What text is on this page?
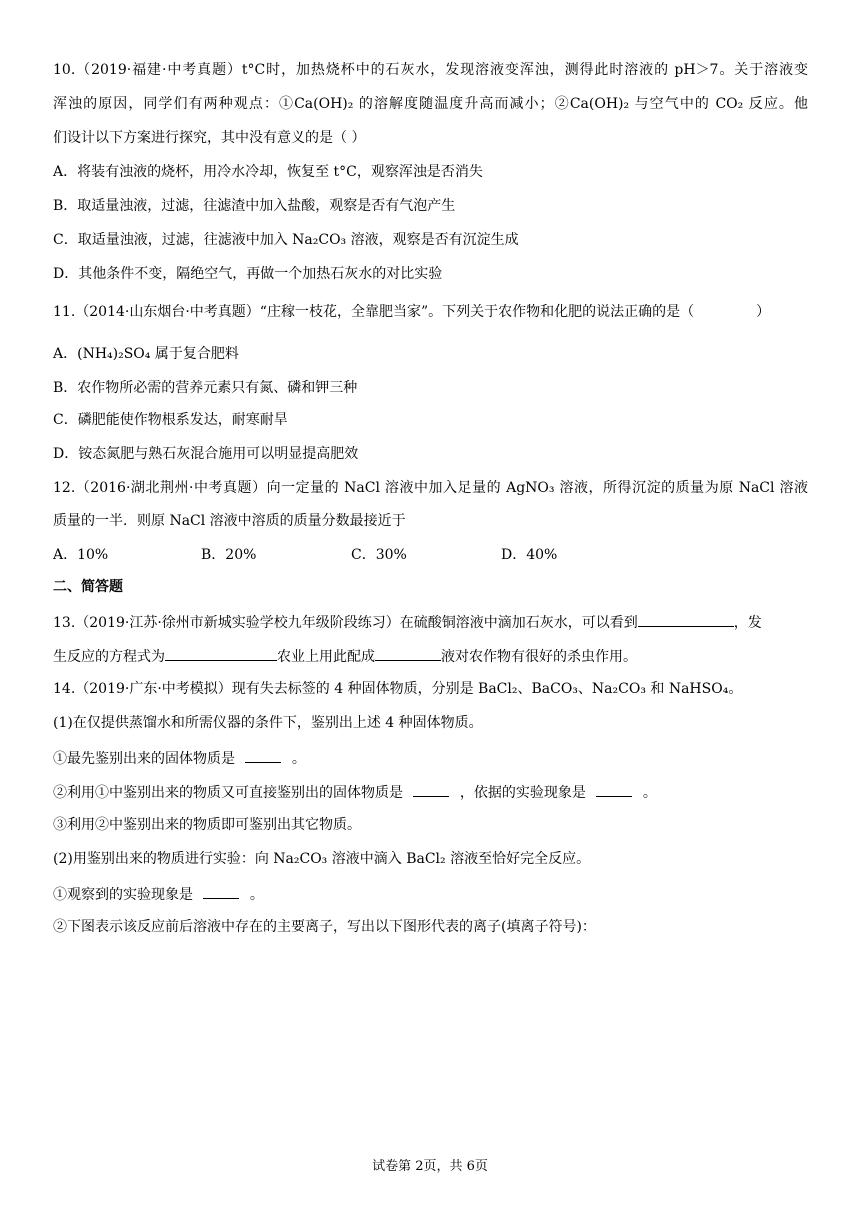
10.（2019·福建·中考真题）t°C时，加热烧杯中的石灰水，发现溶液变浑浊，测得此时溶液的 pH＞7。关于溶液变
浑浊的原因，同学们有两种观点：①Ca(OH)₂ 的溶解度随温度升高而减小；②Ca(OH)₂ 与空气中的 CO₂ 反应。他
们设计以下方案进行探究，其中没有意义的是（ ）
A．将装有浊液的烧杯，用冷水冷却，恢复至 t°C，观察浑浊是否消失
B．取适量浊液，过滤，往滤渣中加入盐酸，观察是否有气泡产生
C．取适量浊液，过滤，往滤液中加入 Na₂CO₃ 溶液，观察是否有沉淀生成
D．其他条件不变，隔绝空气，再做一个加热石灰水的对比实验
11.（2014·山东烟台·中考真题）“庄稼一枝花，全靠肥当家”。下列关于农作物和化肥的说法正确的是（	）
A．(NH₄)₂SO₄ 属于复合肥料
B．农作物所必需的营养元素只有氮、磷和钾三种
C．磷肥能使作物根系发达，耐寒耐旱
D．铵态氮肥与熟石灰混合施用可以明显提高肥效
12.（2016·湖北荆州·中考真题）向一定量的 NaCl 溶液中加入足量的 AgNO₃ 溶液，所得沉淀的质量为原 NaCl 溶液
质量的一半．则原 NaCl 溶液中溶质的质量分数最接近于
A．10%	B．20%	C．30%	D．40%
二、简答题
13.（2019·江苏·徐州市新城实验学校九年级阶段练习）在硫酸铜溶液中滴加石灰水，可以看到	，发
生反应的方程式为	农业上用此配成	液对农作物有很好的杀虫作用。
14.（2019·广东·中考模拟）现有失去标签的 4 种固体物质，分别是 BaCl₂、BaCO₃、Na₂CO₃ 和 NaHSO₄。
(1)在仅提供蒸馏水和所需仪器的条件下，鉴别出上述 4 种固体物质。
①最先鉴别出来的固体物质是	。
②利用①中鉴别出来的物质又可直接鉴别出的固体物质是	，依据的实验现象是	。
③利用②中鉴别出来的物质即可鉴别出其它物质。
(2)用鉴别出来的物质进行实验：向 Na₂CO₃ 溶液中滴入 BaCl₂ 溶液至恰好完全反应。
①观察到的实验现象是	。
②下图表示该反应前后溶液中存在的主要离子，写出以下图形代表的离子(填离子符号)：
试卷第 2页，共 6页
